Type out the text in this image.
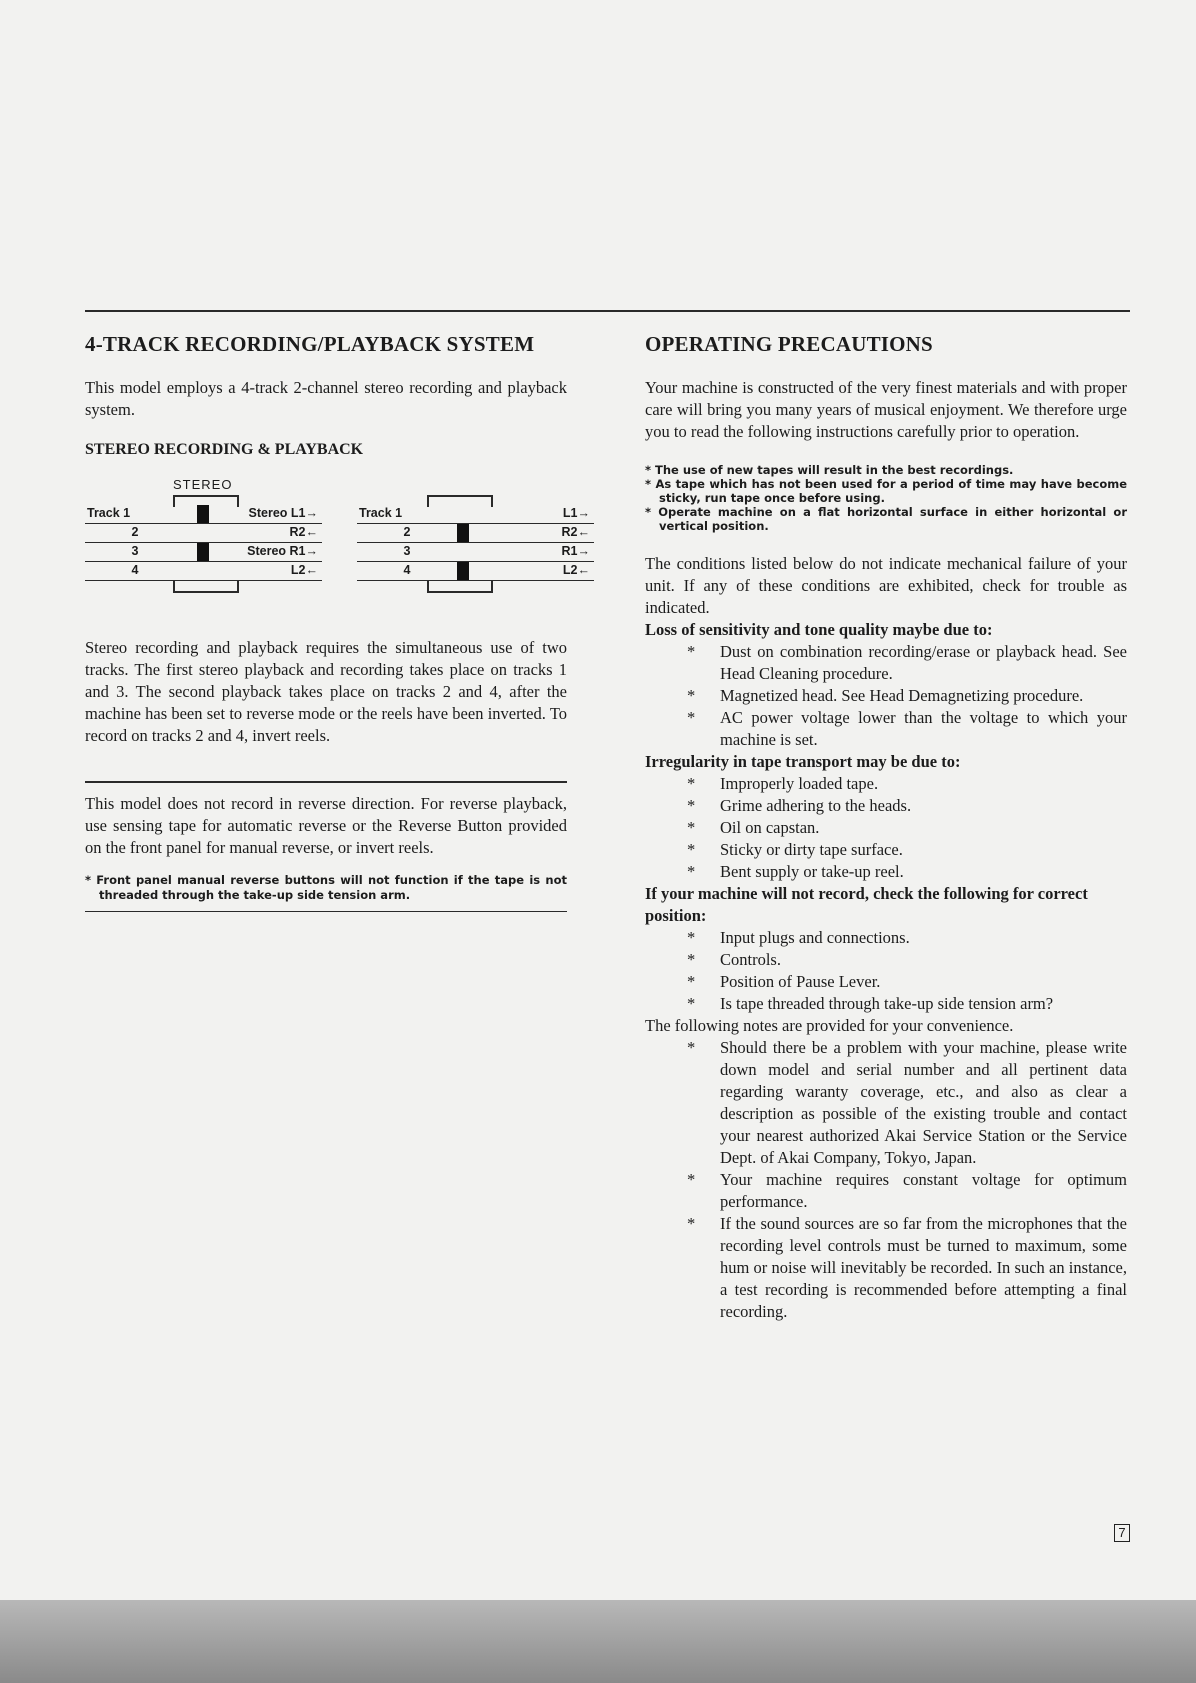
4-TRACK RECORDING/PLAYBACK SYSTEM

This model employs a 4-track 2-channel stereo recording and playback system.

STEREO RECORDING & PLAYBACK
STEREO
Track 1	Stereo L1→
2	R2←
3	Stereo R1→
4	L2←
Track 1	L1→
2	R2←
3	R1→
4	L2←

Stereo recording and playback requires the simultaneous use of two tracks. The first stereo playback and recording takes place on tracks 1 and 3. The second playback takes place on tracks 2 and 4, after the machine has been set to reverse mode or the reels have been inverted. To record on tracks 2 and 4, invert reels.

This model does not record in reverse direction. For reverse playback, use sensing tape for automatic reverse or the Reverse Button provided on the front panel for manual reverse, or invert reels.

* Front panel manual reverse buttons will not function if the tape is not threaded through the take-up side tension arm.

OPERATING PRECAUTIONS

Your machine is constructed of the very finest materials and with proper care will bring you many years of musical enjoyment. We therefore urge you to read the following instructions carefully prior to operation.

* The use of new tapes will result in the best recordings.
* As tape which has not been used for a period of time may have become sticky, run tape once before using.
* Operate machine on a flat horizontal surface in either horizontal or vertical position.

The conditions listed below do not indicate mechanical failure of your unit. If any of these conditions are exhibited, check for trouble as indicated.

Loss of sensitivity and tone quality maybe due to:

* Dust on combination recording/erase or playback head. See Head Cleaning procedure.
* Magnetized head. See Head Demagnetizing procedure.
* AC power voltage lower than the voltage to which your machine is set.

Irregularity in tape transport may be due to:

* Improperly loaded tape.
* Grime adhering to the heads.
* Oil on capstan.
* Sticky or dirty tape surface.
* Bent supply or take-up reel.

If your machine will not record, check the following for correct position:

* Input plugs and connections.
* Controls.
* Position of Pause Lever.
* Is tape threaded through take-up side tension arm?

The following notes are provided for your convenience.

* Should there be a problem with your machine, please write down model and serial number and all pertinent data regarding waranty coverage, etc., and also as clear a description as possible of the existing trouble and contact your nearest authorized Akai Service Station or the Service Dept. of Akai Company, Tokyo, Japan.
* Your machine requires constant voltage for optimum performance.
* If the sound sources are so far from the microphones that the recording level controls must be turned to maximum, some hum or noise will inevitably be recorded. In such an instance, a test recording is recommended before attempting a final recording.
7
